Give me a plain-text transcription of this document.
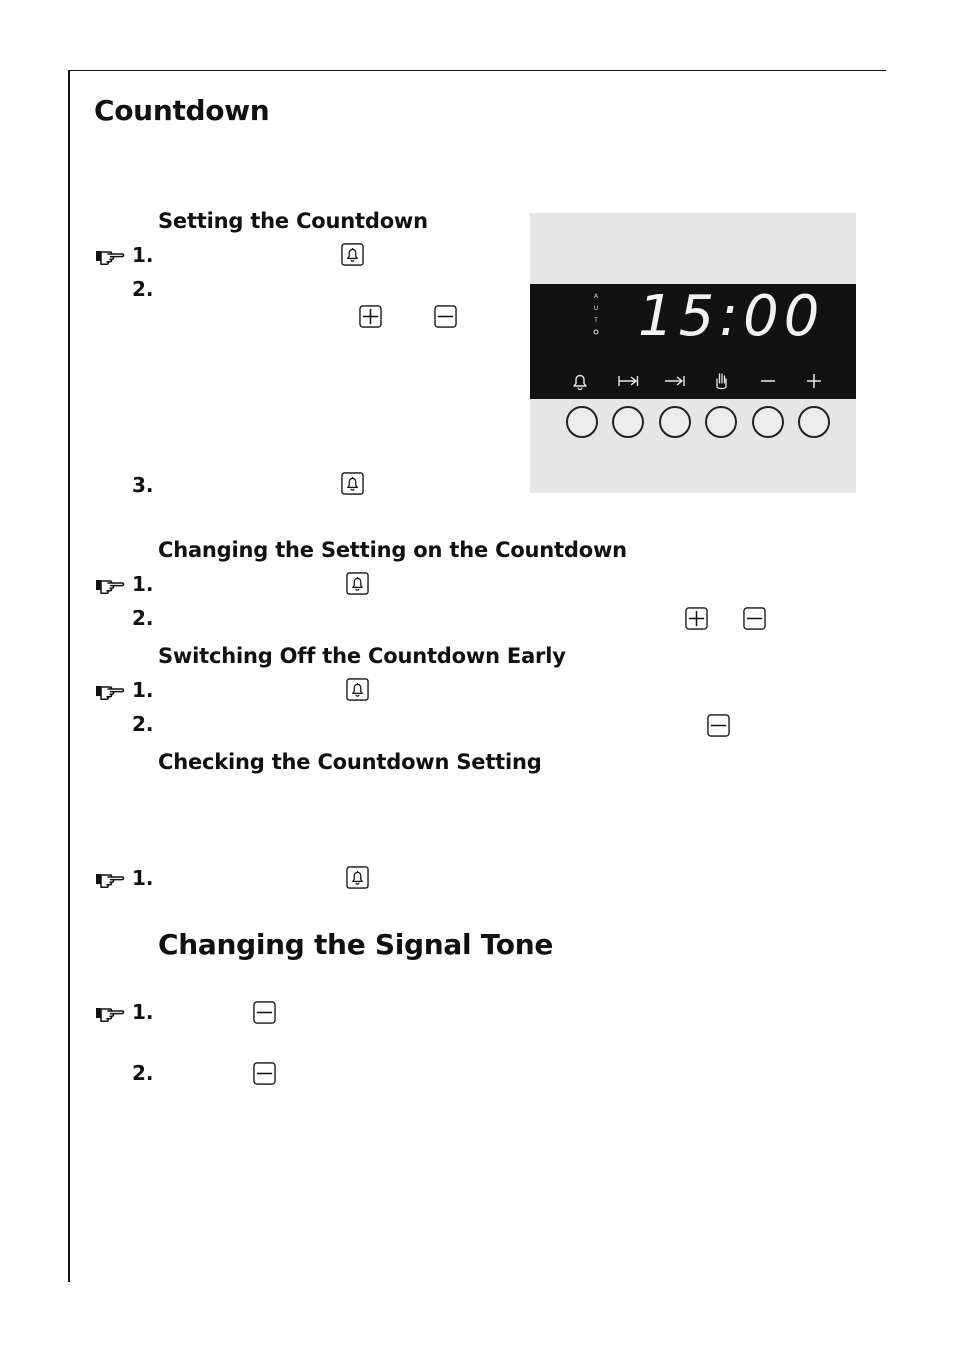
Countdown
Setting the Countdown
1.
2.
3.
A
U
T 15:00
Changing the Setting on the Countdown
1.
2.
Switching Off the Countdown Early
1.
2.
Checking the Countdown Setting
1.
Changing the Signal Tone
1.
2.
